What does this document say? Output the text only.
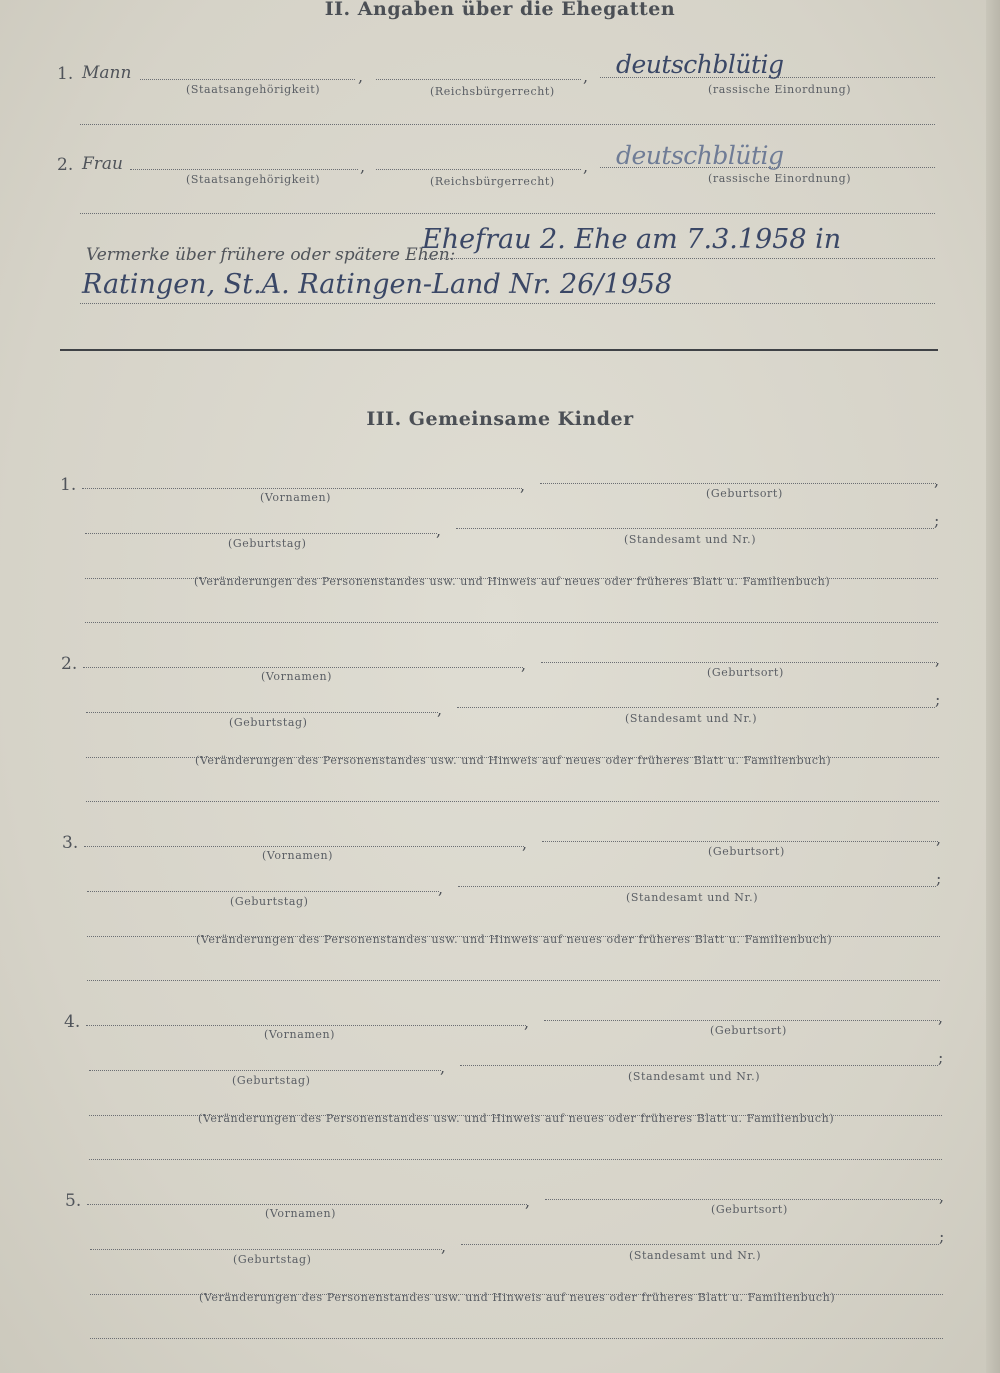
II. Angaben über die Ehegatten
1. Mann	,	,
(Staatsangehörigkeit)	(Reichsbürgerrecht)	(rassische Einordnung)
deutschblütig
2. Frau	,	,
(Staatsangehörigkeit)	(Reichsbürgerrecht)	(rassische Einordnung)
deutschblütig
Vermerke über frühere oder spätere Ehen:
Ehefrau 2. Ehe am 7.3.1958 in
Ratingen, St.A. Ratingen-Land Nr. 26/1958
III. Gemeinsame Kinder
1.	,	,
(Vornamen)	(Geburtsort)
,
;
(Geburtstag)	(Standesamt und Nr.)
(Veränderungen des Personenstandes usw. und Hinweis auf neues oder früheres Blatt u. Familienbuch)
2.	,	,
(Vornamen)	(Geburtsort)
,
;
(Geburtstag)	(Standesamt und Nr.)
(Veränderungen des Personenstandes usw. und Hinweis auf neues oder früheres Blatt u. Familienbuch)
3.	,	,
(Vornamen)	(Geburtsort)
,
;
(Geburtstag)	(Standesamt und Nr.)
(Veränderungen des Personenstandes usw. und Hinweis auf neues oder früheres Blatt u. Familienbuch)
4.	,	,
(Vornamen)	(Geburtsort)
,
;
(Geburtstag)	(Standesamt und Nr.)
(Veränderungen des Personenstandes usw. und Hinweis auf neues oder früheres Blatt u. Familienbuch)
5.	,	,
(Vornamen)	(Geburtsort)
,
;
(Geburtstag)	(Standesamt und Nr.)
(Veränderungen des Personenstandes usw. und Hinweis auf neues oder früheres Blatt u. Familienbuch)
